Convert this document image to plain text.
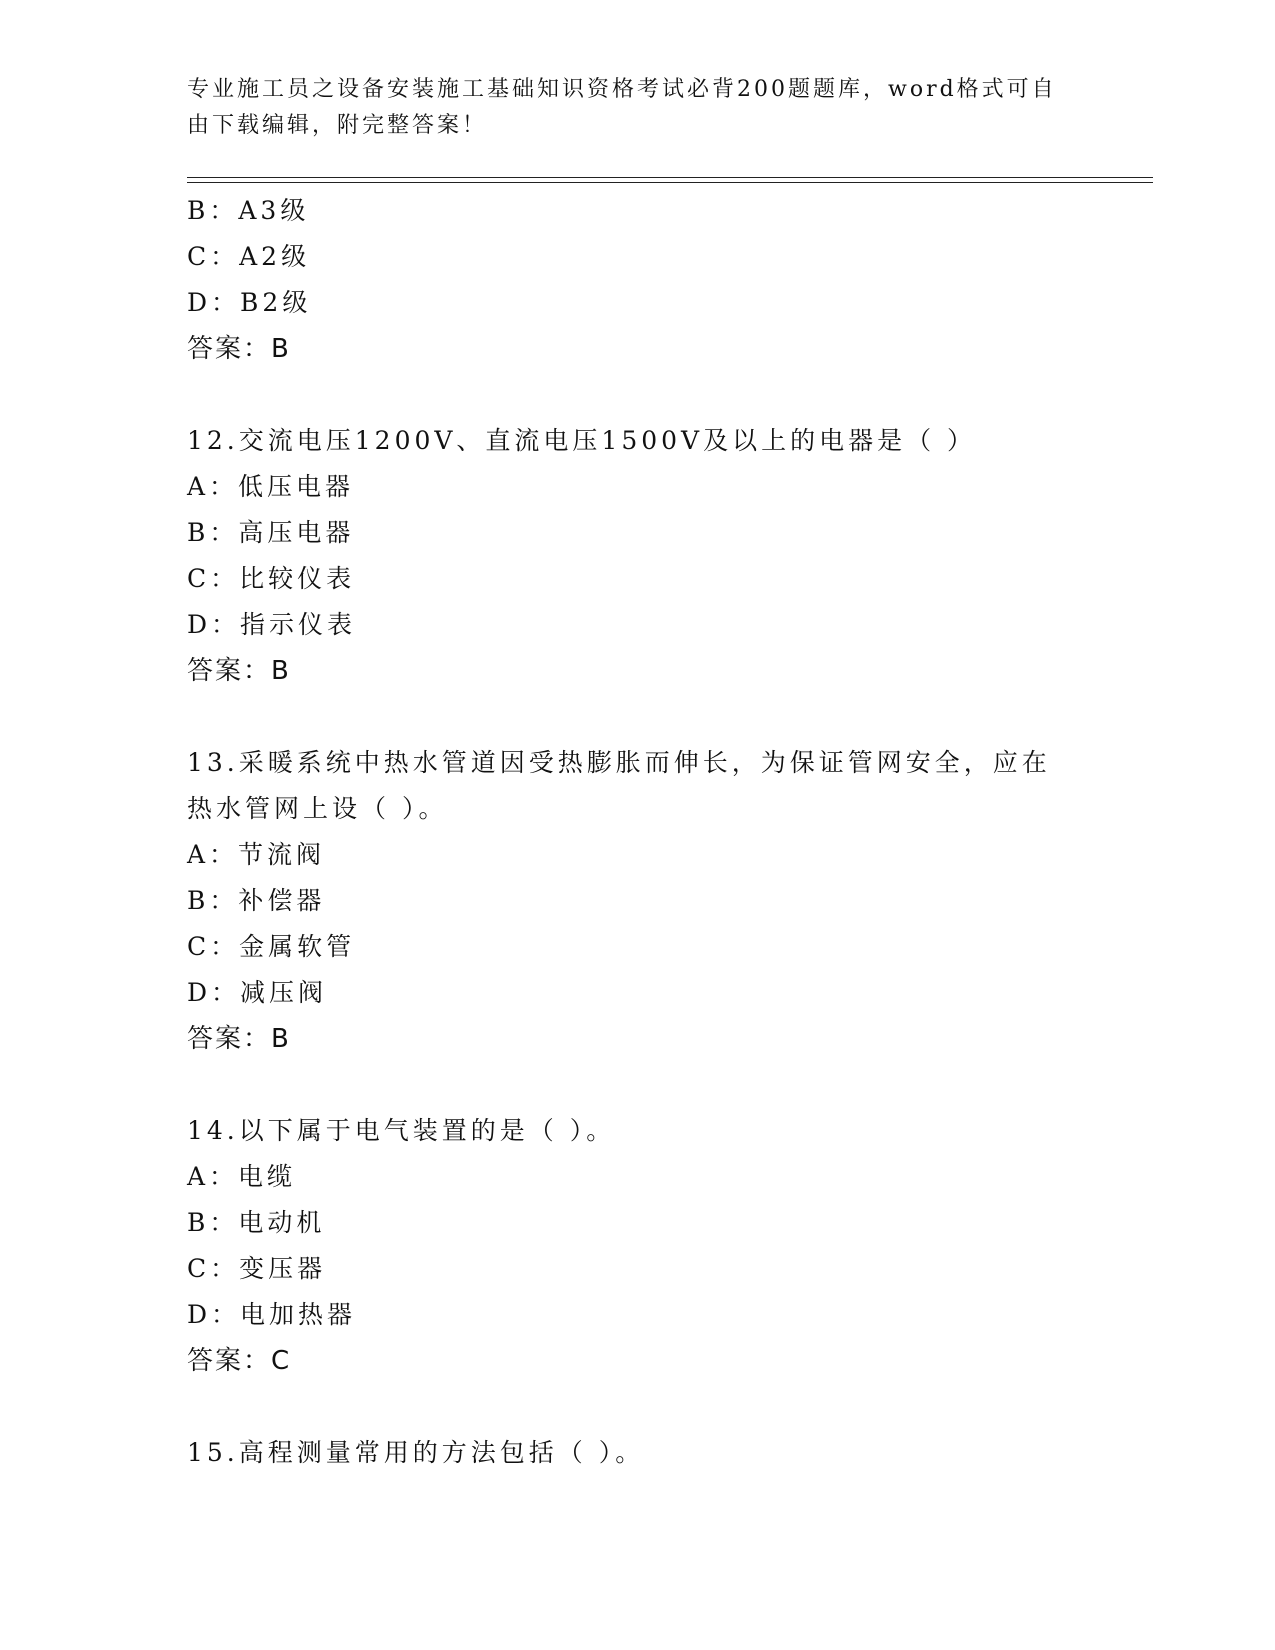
专业施工员之设备安装施工基础知识资格考试必背200题题库，word格式可自由下载编辑，附完整答案！
B：A3级
C：A2级
D：B2级
答案：B
12.交流电压1200V、直流电压1500V及以上的电器是（ ）
A：低压电器
B：高压电器
C：比较仪表
D：指示仪表
答案：B
13.采暖系统中热水管道因受热膨胀而伸长，为保证管网安全，应在热水管网上设（ ）。
A：节流阀
B：补偿器
C：金属软管
D：减压阀
答案：B
14.以下属于电气装置的是（ ）。
A：电缆
B：电动机
C：变压器
D：电加热器
答案：C
15.高程测量常用的方法包括（ ）。
